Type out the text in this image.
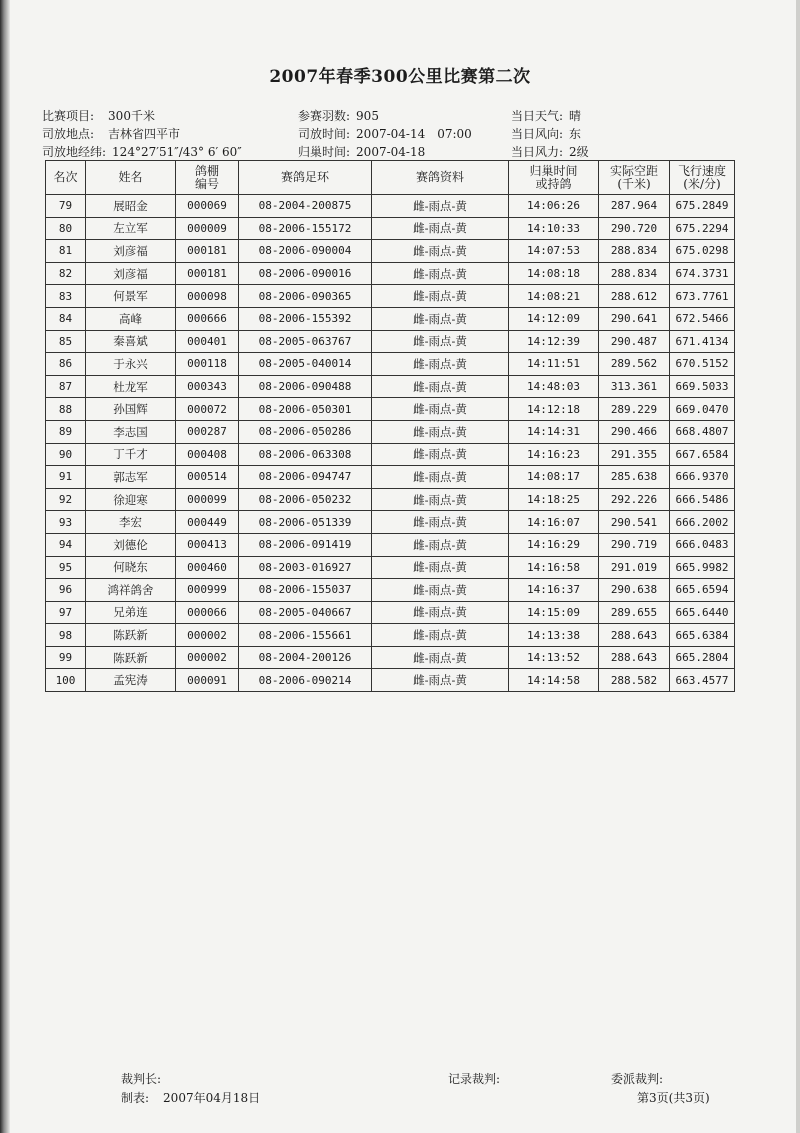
2007年春季300公里比赛第二次
比赛项目: 300千米	参赛羽数: 905	当日天气: 晴
司放地点: 吉林省四平市	司放时间: 2007-04-14　07:00	当日风向: 东
司放地经纬: 124°27′51″/43° 6′ 60″	归巢时间: 2007-04-18	当日风力: 2级
名次	姓名	鸽棚编号	赛鸽足环	赛鸽资料	归巢时间或持鸽	实际空距(千米)	飞行速度(米/分)
79	展昭金	000069	08-2004-200875	雌-雨点-黄	14:06:26	287.964	675.2849
80	左立军	000009	08-2006-155172	雌-雨点-黄	14:10:33	290.720	675.2294
81	刘彦福	000181	08-2006-090004	雌-雨点-黄	14:07:53	288.834	675.0298
82	刘彦福	000181	08-2006-090016	雌-雨点-黄	14:08:18	288.834	674.3731
83	何景军	000098	08-2006-090365	雌-雨点-黄	14:08:21	288.612	673.7761
84	高峰	000666	08-2006-155392	雌-雨点-黄	14:12:09	290.641	672.5466
85	秦喜斌	000401	08-2005-063767	雌-雨点-黄	14:12:39	290.487	671.4134
86	于永兴	000118	08-2005-040014	雌-雨点-黄	14:11:51	289.562	670.5152
87	杜龙军	000343	08-2006-090488	雌-雨点-黄	14:48:03	313.361	669.5033
88	孙国辉	000072	08-2006-050301	雌-雨点-黄	14:12:18	289.229	669.0470
89	李志国	000287	08-2006-050286	雌-雨点-黄	14:14:31	290.466	668.4807
90	丁千才	000408	08-2006-063308	雌-雨点-黄	14:16:23	291.355	667.6584
91	郭志军	000514	08-2006-094747	雌-雨点-黄	14:08:17	285.638	666.9370
92	徐迎寒	000099	08-2006-050232	雌-雨点-黄	14:18:25	292.226	666.5486
93	李宏	000449	08-2006-051339	雌-雨点-黄	14:16:07	290.541	666.2002
94	刘德伦	000413	08-2006-091419	雌-雨点-黄	14:16:29	290.719	666.0483
95	何晓东	000460	08-2003-016927	雌-雨点-黄	14:16:58	291.019	665.9982
96	鸿祥鸽舍	000999	08-2006-155037	雌-雨点-黄	14:16:37	290.638	665.6594
97	兄弟连	000066	08-2005-040667	雌-雨点-黄	14:15:09	289.655	665.6440
98	陈跃新	000002	08-2006-155661	雌-雨点-黄	14:13:38	288.643	665.6384
99	陈跃新	000002	08-2004-200126	雌-雨点-黄	14:13:52	288.643	665.2804
100	孟宪涛	000091	08-2006-090214	雌-雨点-黄	14:14:58	288.582	663.4577
裁判长:	记录裁判:	委派裁判:
制表: 2007年04月18日	第3页(共3页)
